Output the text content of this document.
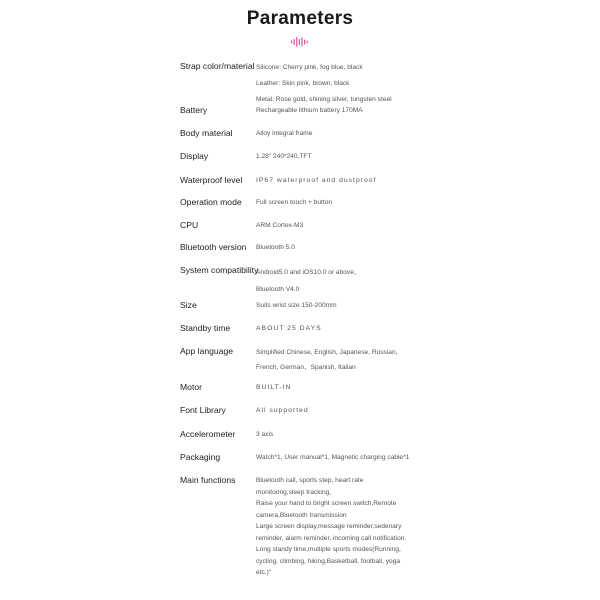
Parameters
Strap color/material Silicone: Cherry pink, fog blue, black
Leather: Skin pink, brown, black
Metal: Rose gold, shining silver, tungsten steel
Battery	Rechargeable lithium battery 170MA
Body material	Alloy integral frame
Display	1.28" 240*240,TFT
Waterproof level IP67 waterproof and dustproof
Operation mode Full screen touch + button
CPU	ARM Cortex-M3
Bluetooth version Bluetooth 5.0
System compatibility
Android5.0 and iOS10.0 or above、
Bluetooth V4.0
Size	Suits wrist size 150-200mm
Standby time	ABOUT 25 DAYS
App language	Simplified Chinese, English, Japanese, Russian,
French, German、Spanish, Italian
Motor	BUILT-IN
Font Library	All supported
Accelerometer	3 axis
Packaging	Watch*1, User manual*1, Magnetic charging cable*1
Main functions	Bluetooth call, sports step, heart rate
monitoring,sleep tracking,
Raise your hand to bright screen switch,Remote
camera,Bluetooth transmission
Large screen display,message reminder,sedenary
reminder, alarm reminder, incoming call notification.
Long standy time,multiple sports modes(Running,
cycling, climbing, hiking,Basketball, football, yoga
etc.)"
